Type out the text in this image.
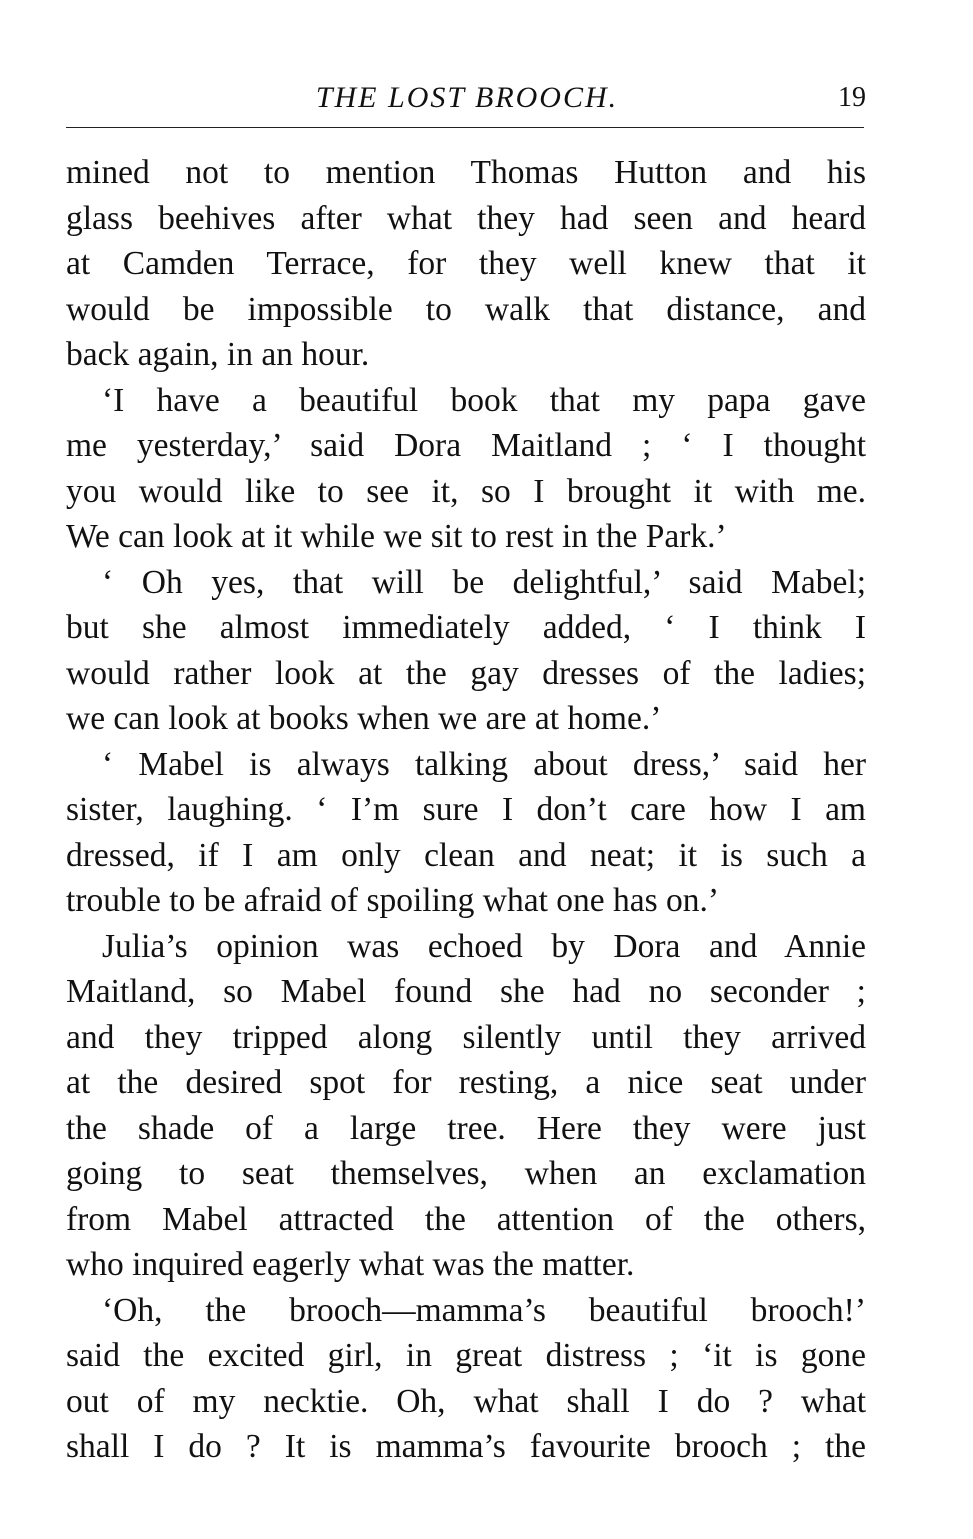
THE LOST BROOCH.	19
mined not to mention Thomas Hutton and his
glass beehives after what they had seen and heard
at Camden Terrace, for they well knew that it
would be impossible to walk that distance, and
back again, in an hour.
‘I have a beautiful book that my papa gave
me yesterday,’ said Dora Maitland ; ‘ I thought
you would like to see it, so I brought it with me.
We can look at it while we sit to rest in the Park.’
‘ Oh yes, that will be delightful,’ said Mabel;
but she almost immediately added, ‘ I think I
would rather look at the gay dresses of the ladies;
we can look at books when we are at home.’
‘ Mabel is always talking about dress,’ said her
sister, laughing. ‘ I’m sure I don’t care how I am
dressed, if I am only clean and neat; it is such a
trouble to be afraid of spoiling what one has on.’
Julia’s opinion was echoed by Dora and Annie
Maitland, so Mabel found she had no seconder ;
and they tripped along silently until they arrived
at the desired spot for resting, a nice seat under
the shade of a large tree. Here they were just
going to seat themselves, when an exclamation
from Mabel attracted the attention of the others,
who inquired eagerly what was the matter.
‘Oh, the brooch—mamma’s beautiful brooch!’
said the excited girl, in great distress ; ‘it is gone
out of my necktie. Oh, what shall I do ? what
shall I do ? It is mamma’s favourite brooch ; the
